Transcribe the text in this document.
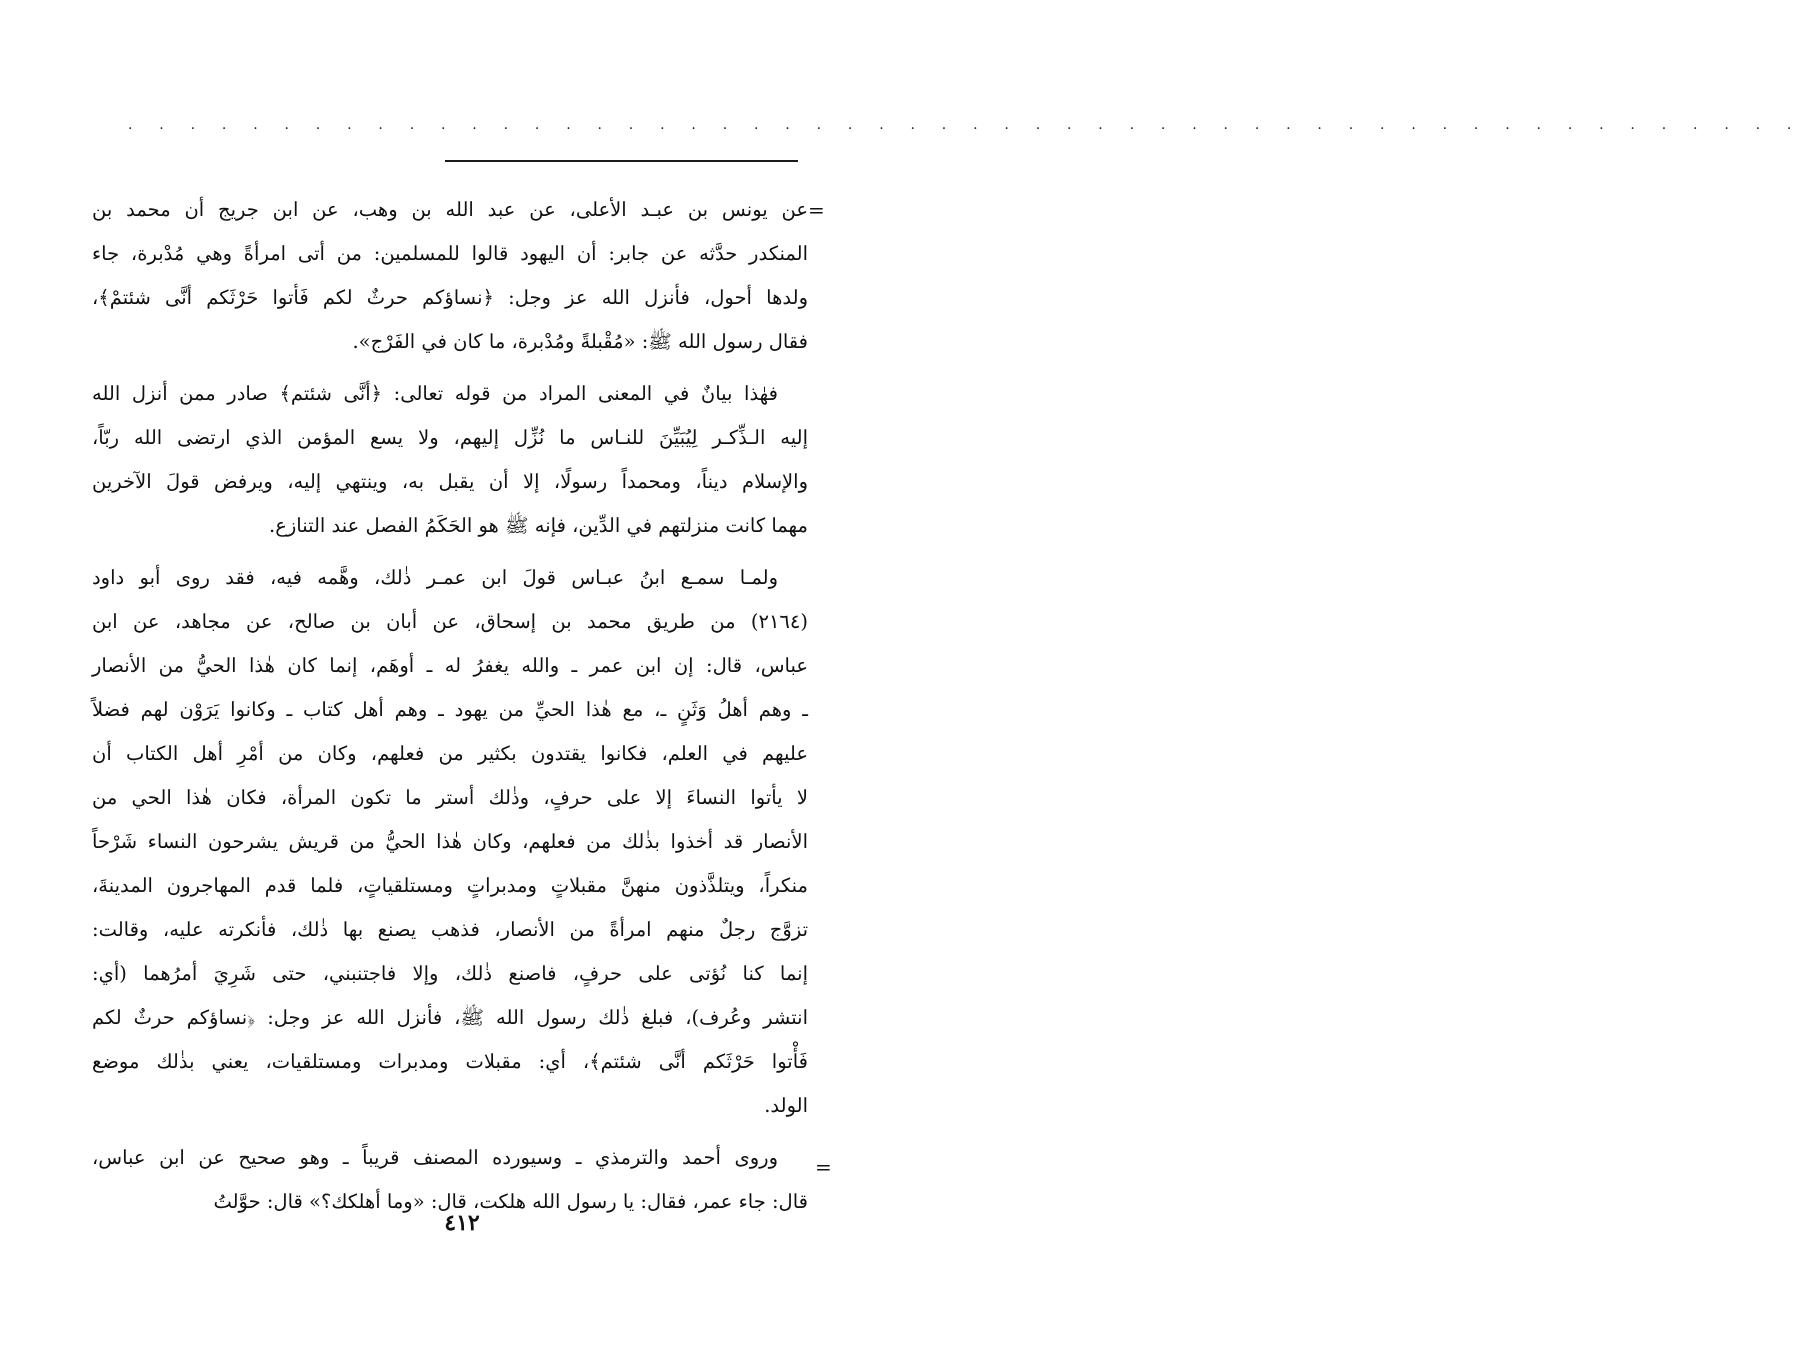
. . . . . . . . . . . . . . . . . . . . . . . . . . . . . . . . . . . . . . . . . . . . . . . . . . . . . .
=
عن يونس بن عبـد الأعلى، عن عبد الله بن وهب، عن ابن جريج أن محمد بن
المنكدر حدَّثه عن جابر: أن اليهود قالوا للمسلمين: من أتى امرأةً وهي مُدْبرة، جاء
ولدها أحول، فأنزل الله عز وجل: ﴿نساؤكم حرثٌ لكم فَأتوا حَرْثَكم أنَّى شئتمْ﴾،
فقال رسول الله ﷺ: «مُقْبلةً ومُدْبرة، ما كان في الفَرْج».
فهٰذا بيانٌ في المعنى المراد من قوله تعالى: ﴿أنَّى شئتم﴾ صادر ممن أنزل الله
إليه الـذِّكـر لِيُبَيِّنَ للنـاس ما نُزِّل إليهم، ولا يسع المؤمن الذي ارتضى الله ربّاً،
والإسلام ديناً، ومحمداً رسولًا، إلا أن يقبل به، وينتهي إليه، ويرفض قولَ الآخرين
مهما كانت منزلتهم في الدِّين، فإنه ﷺ هو الحَكَمُ الفصل عند التنازع.
ولمـا سمـع ابنُ عبـاس قولَ ابن عمـر ذٰلك، وهَّمه فيه، فقد روى أبو داود
(٢١٦٤) من طريق محمد بن إسحاق، عن أبان بن صالح، عن مجاهد، عن ابن
عباس، قال: إن ابن عمر ـ والله يغفرُ له ـ أوهَم، إنما كان هٰذا الحيُّ من الأنصار
ـ وهم أهلُ وَثَنٍ ـ، مع هٰذا الحيِّ من يهود ـ وهم أهل كتاب ـ وكانوا يَرَوْن لهم فضلاً
عليهم في العلم، فكانوا يقتدون بكثير من فعلهم، وكان من أمْرِ أهل الكتاب أن
لا يأتوا النساءَ إلا على حرفٍ، وذٰلك أستر ما تكون المرأة، فكان هٰذا الحي من
الأنصار قد أخذوا بذٰلك من فعلهم، وكان هٰذا الحيُّ من قريش يشرحون النساء شَرْحاً
منكراً، ويتلذَّذون منهنَّ مقبلاتٍ ومدبراتٍ ومستلقياتٍ، فلما قدم المهاجرون المدينةَ،
تزوَّج رجلٌ منهم امرأةً من الأنصار، فذهب يصنع بها ذٰلك، فأنكرته عليه، وقالت:
إنما كنا نُؤتى على حرفٍ، فاصنع ذٰلك، وإلا فاجتنبني، حتى شَرِيَ أمرُهما (أي:
انتشر وعُرف)، فبلغ ذٰلك رسول الله ﷺ، فأنزل الله عز وجل: ﴿نساؤكم حرثٌ لكم
فَأْتوا حَرْثَكم أنَّى شئتم﴾، أي: مقبلات ومدبرات ومستلقيات، يعني بذٰلك موضع
الولد.
وروى أحمد والترمذي ـ وسيورده المصنف قريباً ـ وهو صحيح عن ابن عباس،
قال: جاء عمر، فقال: يا رسول الله هلكت، قال: «وما أهلكك؟» قال: حوَّلتُ
=
٤١٢
